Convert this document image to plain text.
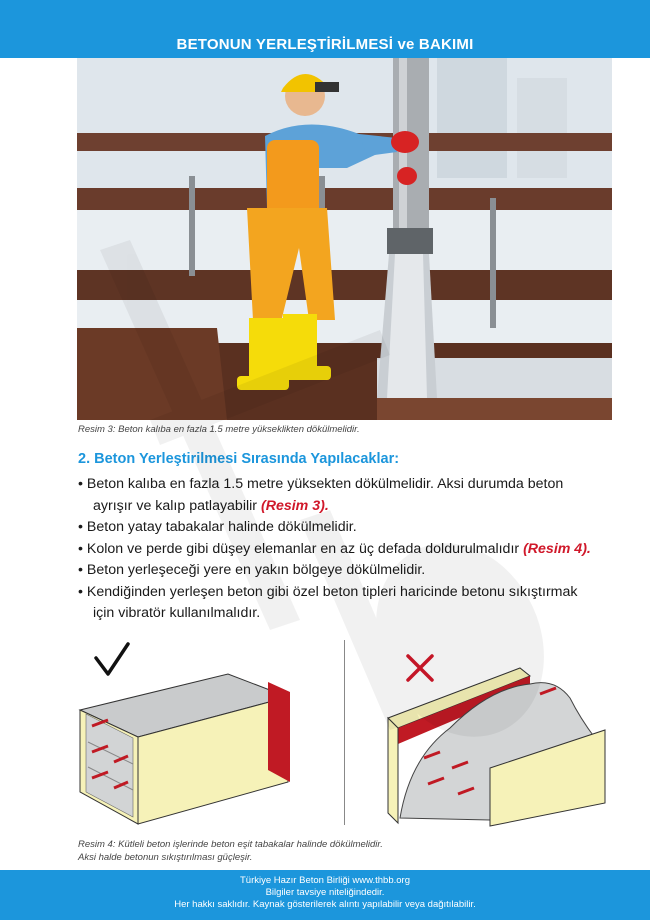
BETONUN YERLEŞTİRİLMESİ ve BAKIMI
Resim 3: Beton kalıba en fazla 1.5 metre yükseklikten dökülmelidir.
2. Beton Yerleştirilmesi Sırasında Yapılacaklar:
• Beton kalıba en fazla 1.5 metre yüksekten dökülmelidir. Aksi durumda beton
ayrışır ve kalıp patlayabilir (Resim 3).
• Beton yatay tabakalar halinde dökülmelidir.
• Kolon ve perde gibi düşey elemanlar en az üç defada doldurulmalıdır (Resim 4).
• Beton yerleşeceği yere en yakın bölgeye dökülmelidir.
• Kendiğinden yerleşen beton gibi özel beton tipleri haricinde betonu sıkıştırmak
için vibratör kullanılmalıdır.
Resim 4: Kütleli beton işlerinde beton eşit tabakalar halinde dökülmelidir.
Aksi halde betonun sıkıştırılması güçleşir.
Türkiye Hazır Beton Birliği www.thbb.org
Bilgiler tavsiye niteliğindedir.
Her hakkı saklıdır. Kaynak gösterilerek alıntı yapılabilir veya dağıtılabilir.
